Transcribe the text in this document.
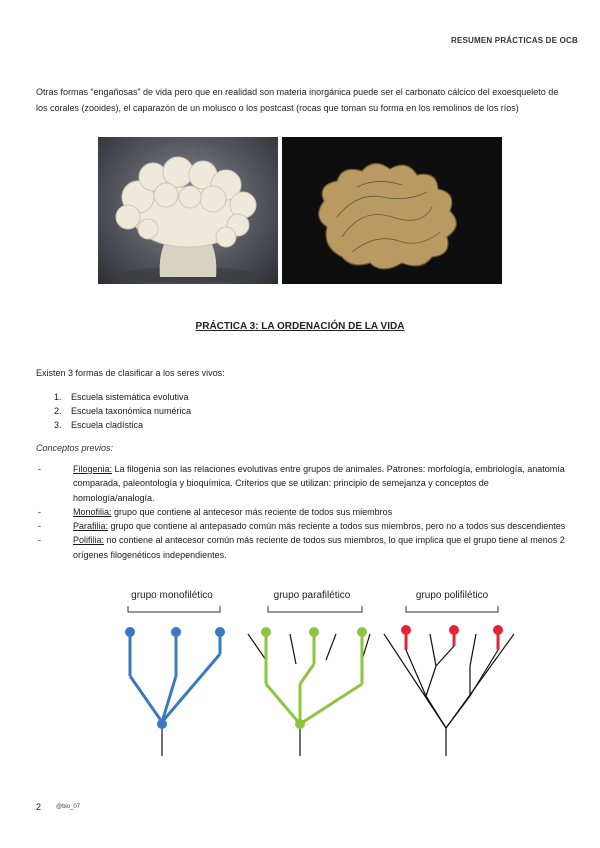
RESUMEN PRÁCTICAS DE OCB
Otras formas “engañosas” de vida pero que en realidad son materia inorgánica puede ser el carbonato cálcico del exoesqueleto de los corales (zooides), el caparazón de un molusco o los postcast (rocas que toman su forma en los remolinos de los ríos)
PRÁCTICA 3: LA ORDENACIÓN DE LA VIDA
Existen 3 formas de clasificar a los seres vivos:
1. Escuela sistemática evolutiva
2. Escuela taxonómica numérica
3. Escuela cladística
Conceptos previos:
-	Filogenia: La filogenia son las relaciones evolutivas entre grupos de animales. Patrones: morfología, embriología, anatomía comparada, paleontología y bioquímica. Criterios que se utilizan: principio de semejanza y conceptos de homología/analogía.
-	Monofilia: grupo que contiene al antecesor más reciente de todos sus miembros
-	Parafilia: grupo que contiene al antepasado común más reciente a todos sus miembros, pero no a todos sus descendientes
-	Polifilia: no contiene al antecesor común más reciente de todos sus miembros, lo que implica que el grupo tiene al menos 2 orígenes filogenéticos independientes.
grupo monofilético	grupo parafilético	grupo polifilético
2 @bio_07
